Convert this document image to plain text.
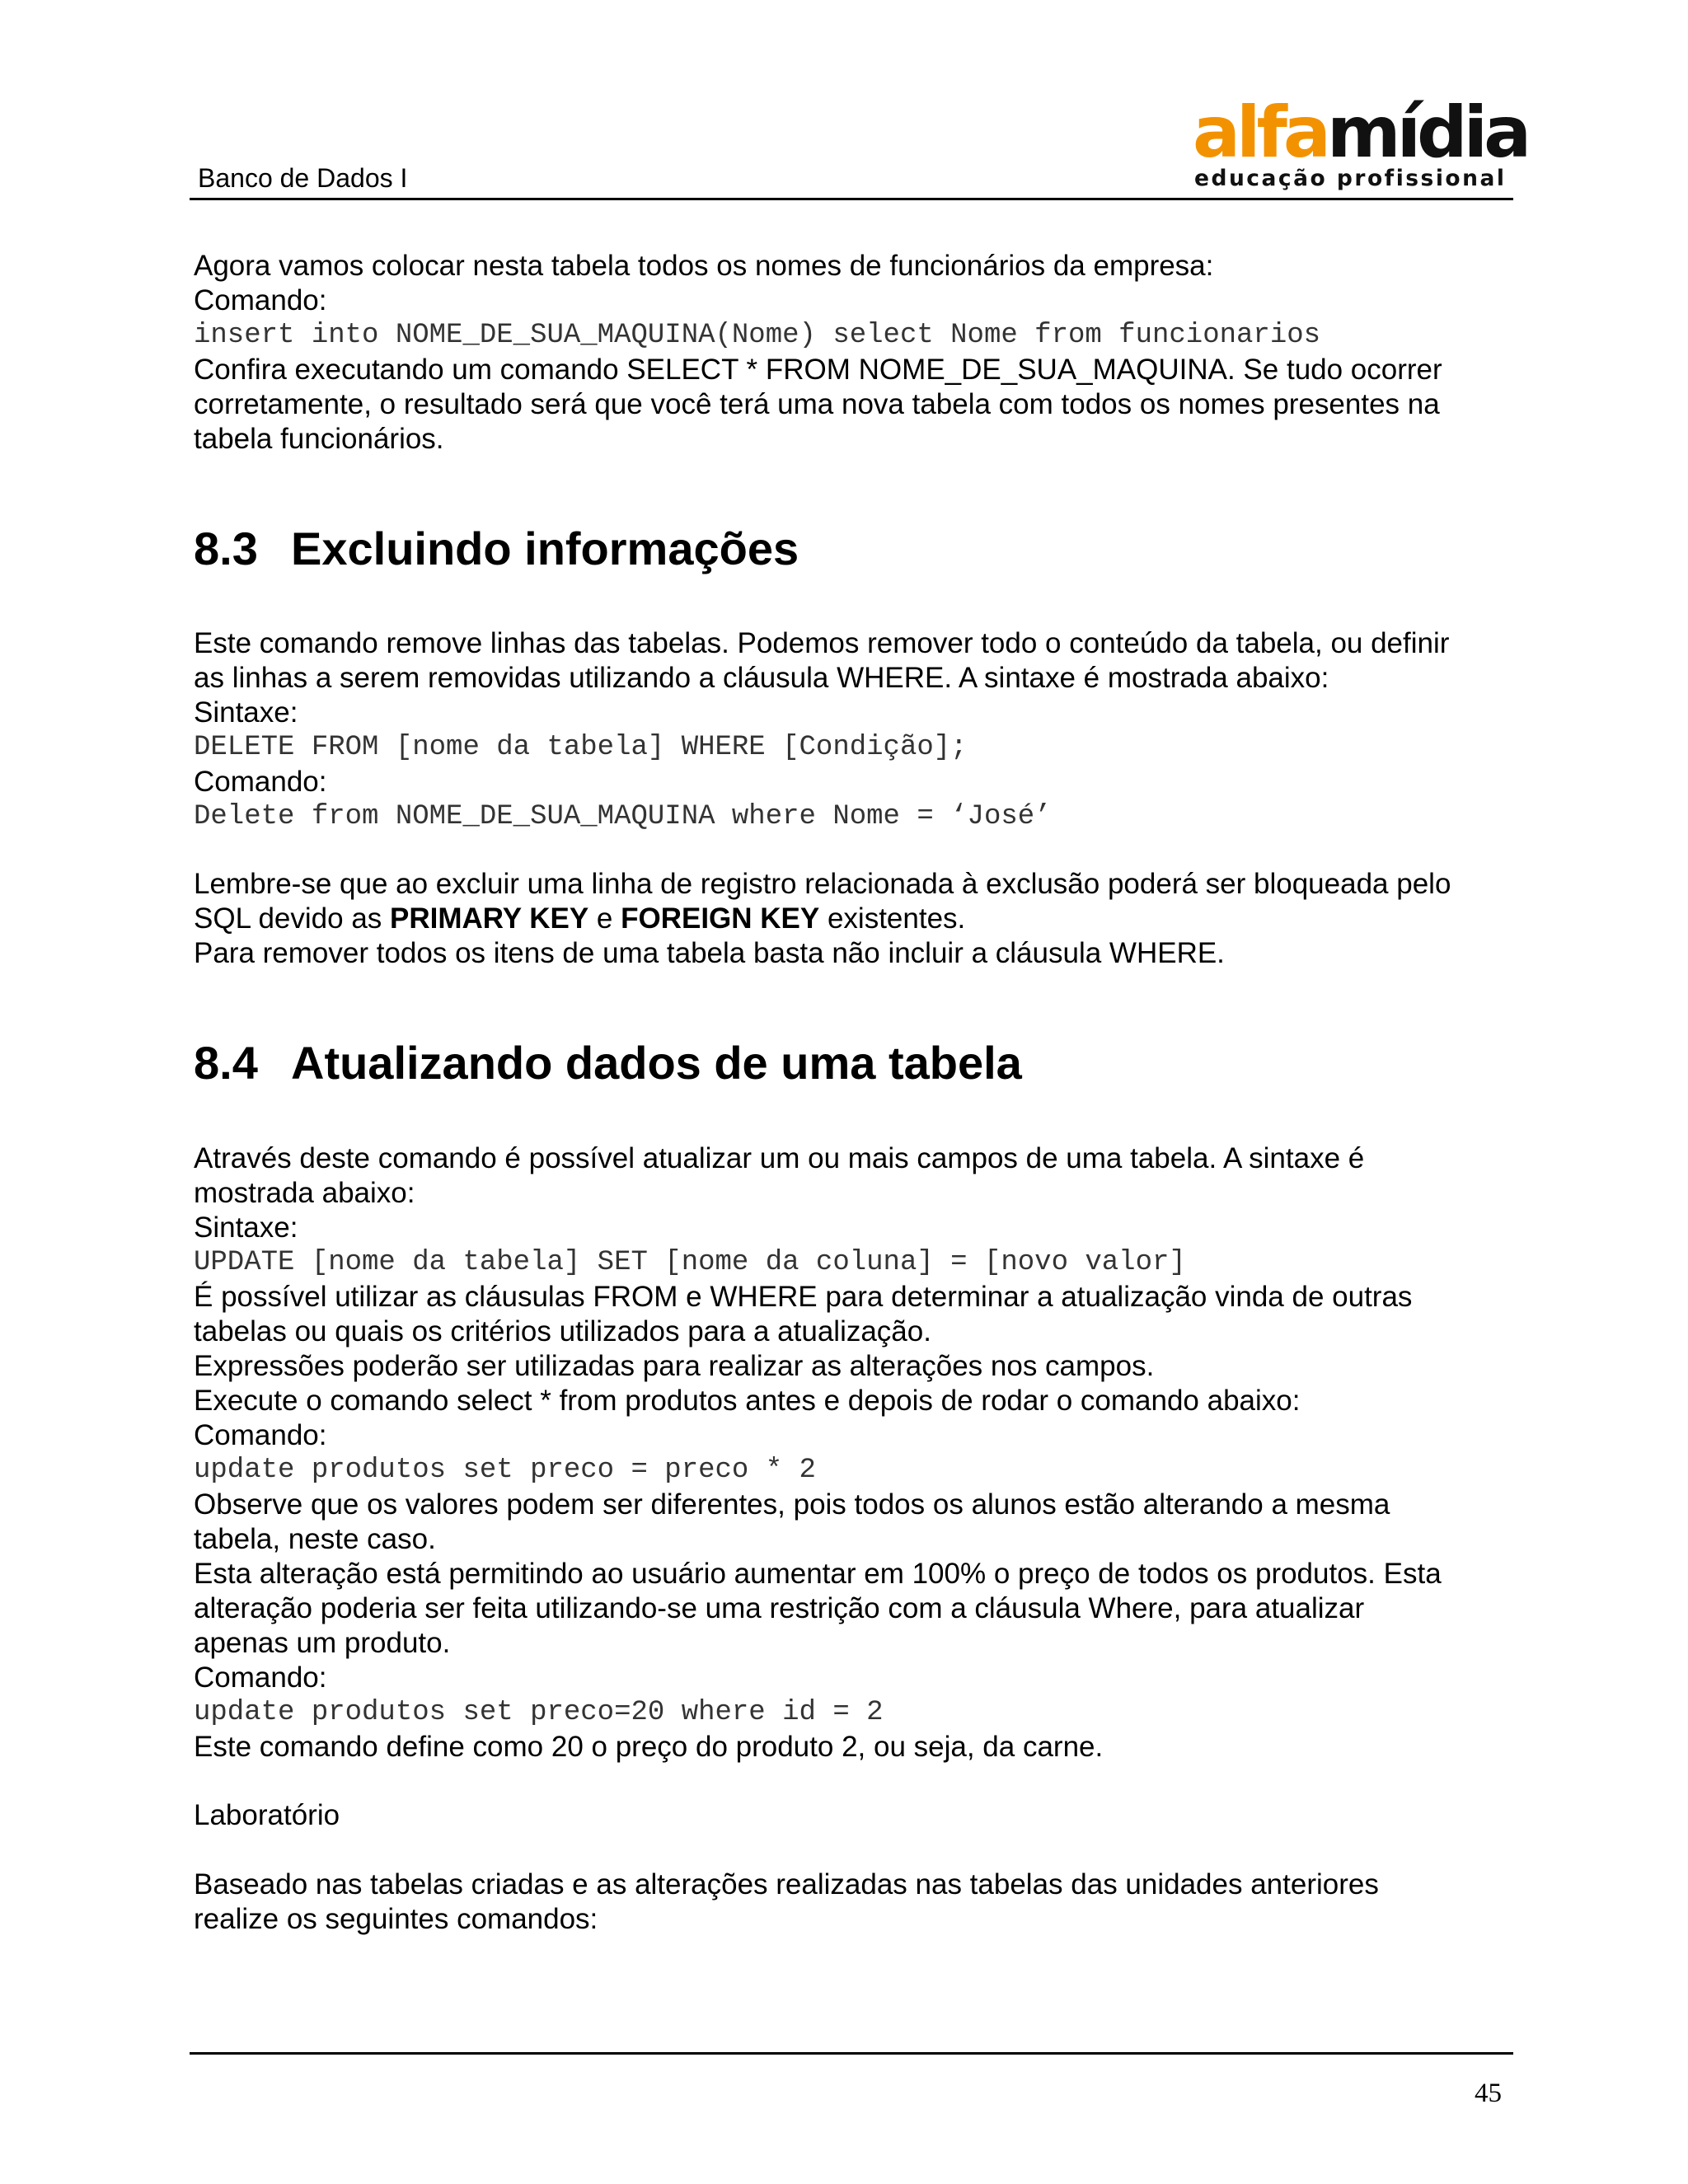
Banco de Dados I
alfamídia
educação profissional
Agora vamos colocar nesta tabela todos os nomes de funcionários da empresa:
Comando:
insert into NOME_DE_SUA_MAQUINA(Nome) select Nome from funcionarios
Confira executando um comando SELECT * FROM NOME_DE_SUA_MAQUINA. Se tudo ocorrer
corretamente, o resultado será que você terá uma nova tabela com todos os nomes presentes na
tabela funcionários.
8.3 Excluindo informações
Este comando remove linhas das tabelas. Podemos remover todo o conteúdo da tabela, ou definir
as linhas a serem removidas utilizando a cláusula WHERE. A sintaxe é mostrada abaixo:
Sintaxe:
DELETE FROM [nome da tabela] WHERE [Condição];
Comando:
Delete from NOME_DE_SUA_MAQUINA where Nome = ‘José’
Lembre-se que ao excluir uma linha de registro relacionada à exclusão poderá ser bloqueada pelo
SQL devido as PRIMARY KEY e FOREIGN KEY existentes.
Para remover todos os itens de uma tabela basta não incluir a cláusula WHERE.
8.4 Atualizando dados de uma tabela
Através deste comando é possível atualizar um ou mais campos de uma tabela. A sintaxe é
mostrada abaixo:
Sintaxe:
UPDATE [nome da tabela] SET [nome da coluna] = [novo valor]
É possível utilizar as cláusulas FROM e WHERE para determinar a atualização vinda de outras
tabelas ou quais os critérios utilizados para a atualização.
Expressões poderão ser utilizadas para realizar as alterações nos campos.
Execute o comando select * from produtos antes e depois de rodar o comando abaixo:
Comando:
update produtos set preco = preco * 2
Observe que os valores podem ser diferentes, pois todos os alunos estão alterando a mesma
tabela, neste caso.
Esta alteração está permitindo ao usuário aumentar em 100% o preço de todos os produtos. Esta
alteração poderia ser feita utilizando-se uma restrição com a cláusula Where, para atualizar
apenas um produto.
Comando:
update produtos set preco=20 where id = 2
Este comando define como 20 o preço do produto 2, ou seja, da carne.
Laboratório
Baseado nas tabelas criadas e as alterações realizadas nas tabelas das unidades anteriores
realize os seguintes comandos:
45
